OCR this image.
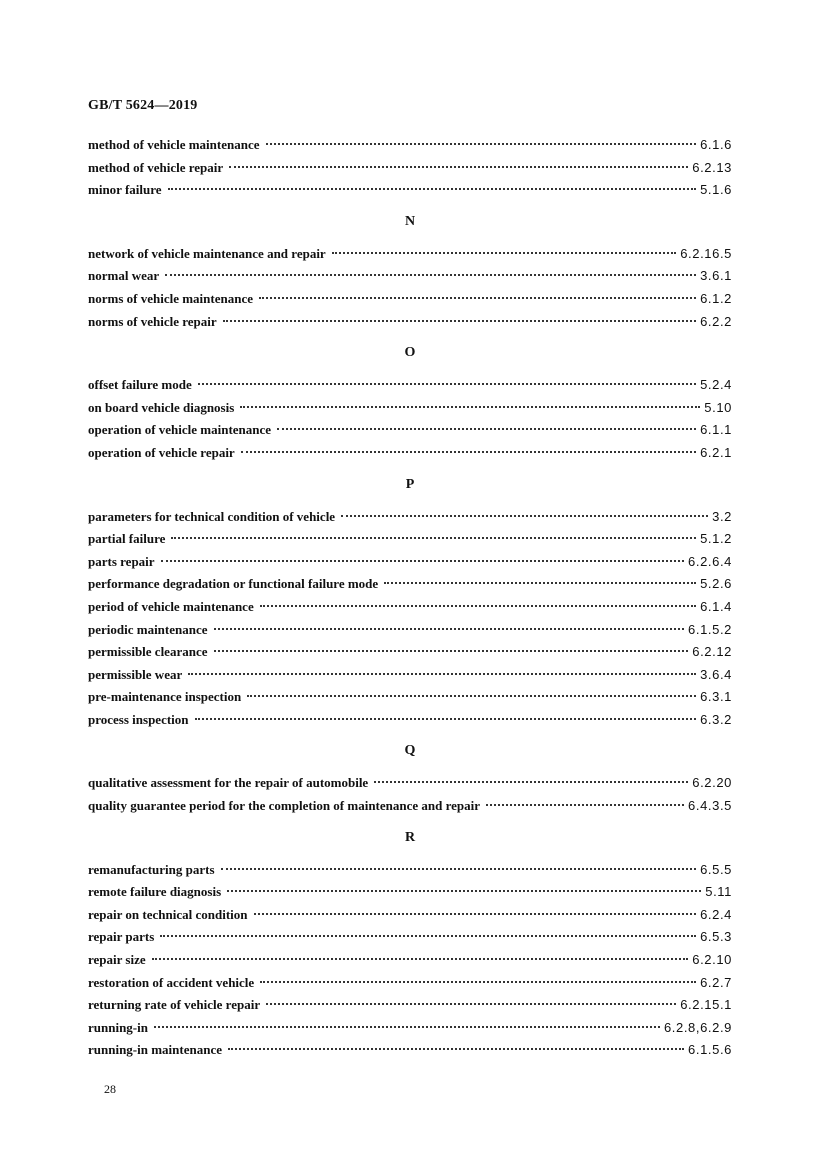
GB/T 5624—2019
method of vehicle maintenance	6.1.6
method of vehicle repair	6.2.13
minor failure	5.1.6
N
network of vehicle maintenance and repair	6.2.16.5
normal wear	3.6.1
norms of vehicle maintenance	6.1.2
norms of vehicle repair	6.2.2
O
offset failure mode	5.2.4
on board vehicle diagnosis	5.10
operation of vehicle maintenance	6.1.1
operation of vehicle repair	6.2.1
P
parameters for technical condition of vehicle	3.2
partial failure	5.1.2
parts repair	6.2.6.4
performance degradation or functional failure mode	5.2.6
period of vehicle maintenance	6.1.4
periodic maintenance	6.1.5.2
permissible clearance	6.2.12
permissible wear	3.6.4
pre-maintenance inspection	6.3.1
process inspection	6.3.2
Q
qualitative assessment for the repair of automobile	6.2.20
quality guarantee period for the completion of maintenance and repair	6.4.3.5
R
remanufacturing parts	6.5.5
remote failure diagnosis	5.11
repair on technical condition	6.2.4
repair parts	6.5.3
repair size	6.2.10
restoration of accident vehicle	6.2.7
returning rate of vehicle repair	6.2.15.1
running-in	6.2.8,6.2.9
running-in maintenance	6.1.5.6
28
